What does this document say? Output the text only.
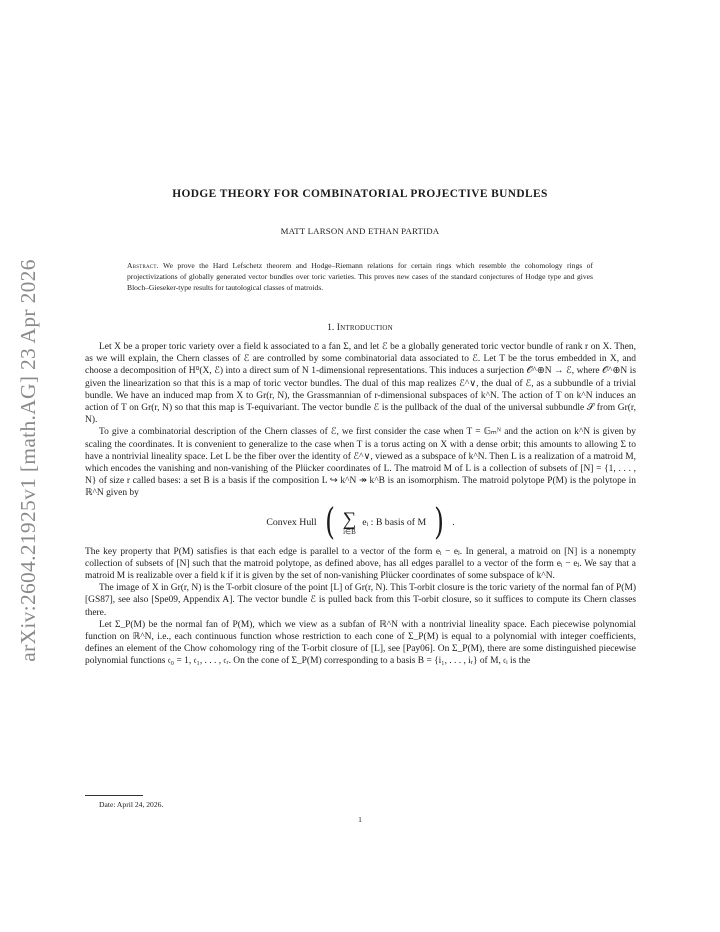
arXiv:2604.21925v1 [math.AG] 23 Apr 2026
HODGE THEORY FOR COMBINATORIAL PROJECTIVE BUNDLES
MATT LARSON AND ETHAN PARTIDA
Abstract. We prove the Hard Lefschetz theorem and Hodge–Riemann relations for certain rings which resemble the cohomology rings of projectivizations of globally generated vector bundles over toric varieties. This proves new cases of the standard conjectures of Hodge type and gives Bloch–Gieseker-type results for tautological classes of matroids.
1. Introduction

Let X be a proper toric variety over a field k associated to a fan Σ, and let ℰ be a globally generated toric vector bundle of rank r on X. Then, as we will explain, the Chern classes of ℰ are controlled by some combinatorial data associated to ℰ. Let T be the torus embedded in X, and choose a decomposition of H⁰(X, ℰ) into a direct sum of N 1-dimensional representations. This induces a surjection 𝒪^⊕N → ℰ, where 𝒪^⊕N is given the linearization so that this is a map of toric vector bundles. The dual of this map realizes ℰ^∨, the dual of ℰ, as a subbundle of a trivial bundle. We have an induced map from X to Gr(r, N), the Grassmannian of r-dimensional subspaces of k^N. The action of T on k^N induces an action of T on Gr(r, N) so that this map is T-equivariant. The vector bundle ℰ is the pullback of the dual of the universal subbundle 𝒮 from Gr(r, N).

To give a combinatorial description of the Chern classes of ℰ, we first consider the case when T = 𝔾ₘᴺ and the action on k^N is given by scaling the coordinates. It is convenient to generalize to the case when T is a torus acting on X with a dense orbit; this amounts to allowing Σ to have a nontrivial lineality space. Let L be the fiber over the identity of ℰ^∨, viewed as a subspace of k^N. Then L is a realization of a matroid M, which encodes the vanishing and non-vanishing of the Plücker coordinates of L. The matroid M of L is a collection of subsets of [N] = {1, . . . , N} of size r called bases: a set B is a basis if the composition L ↪ k^N ↠ k^B is an isomorphism. The matroid polytope P(M) is the polytope in ℝ^N given by

Convex Hull ( ∑
i∈B
eᵢ : B basis of M ) .

The key property that P(M) satisfies is that each edge is parallel to a vector of the form eᵢ − eⱼ. In general, a matroid on [N] is a nonempty collection of subsets of [N] such that the matroid polytope, as defined above, has all edges parallel to a vector of the form eᵢ − eⱼ. We say that a matroid M is realizable over a field k if it is given by the set of non-vanishing Plücker coordinates of some subspace of k^N.

The image of X in Gr(r, N) is the T-orbit closure of the point [L] of Gr(r, N). This T-orbit closure is the toric variety of the normal fan of P(M) [GS87], see also [Spe09, Appendix A]. The vector bundle ℰ is pulled back from this T-orbit closure, so it suffices to compute its Chern classes there.

Let Σ_P(M) be the normal fan of P(M), which we view as a subfan of ℝ^N with a nontrivial lineality space. Each piecewise polynomial function on ℝ^N, i.e., each continuous function whose restriction to each cone of Σ_P(M) is equal to a polynomial with integer coefficients, defines an element of the Chow cohomology ring of the T-orbit closure of [L], see [Pay06]. On Σ_P(M), there are some distinguished piecewise polynomial functions 𝔠₀ = 1, 𝔠₁, . . . , 𝔠ᵣ. On the cone of Σ_P(M) corresponding to a basis B = {i₁, . . . , iᵣ} of M, 𝔠ᵢ is the

Date: April 24, 2026.
1
